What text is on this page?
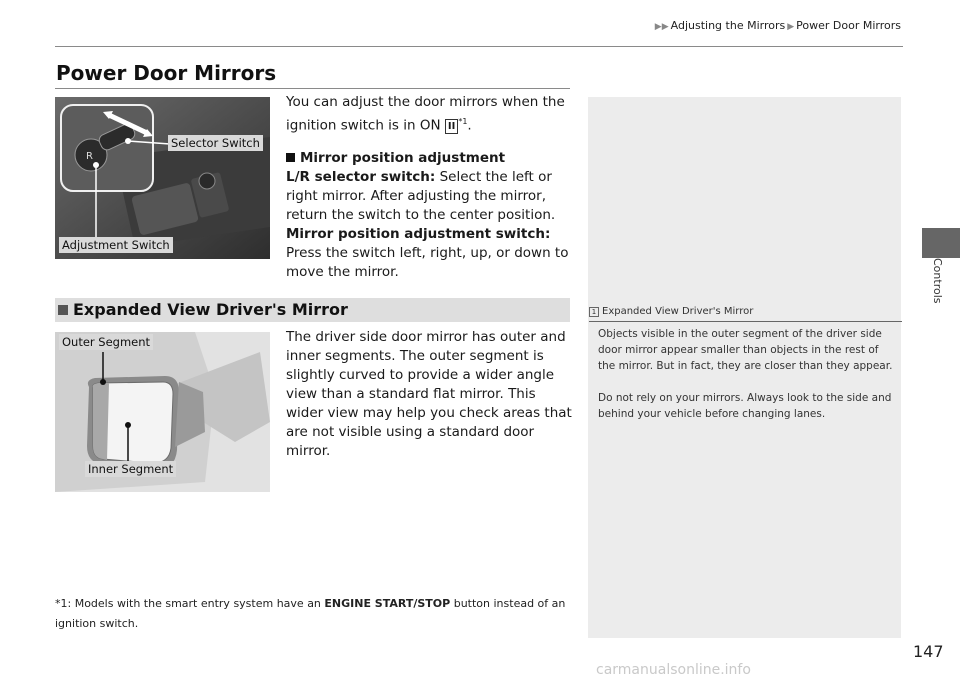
▶▶ Adjusting the Mirrors ▶ Power Door Mirrors
Controls
Power Door Mirrors
R
Selector Switch
Adjustment Switch
You can adjust the door mirrors when the ignition switch is in ON II $^{*1}$.
Mirror position adjustment
L/R selector switch: Select the left or right mirror. After adjusting the mirror, return the switch to the center position.
Mirror position adjustment switch: Press the switch left, right, up, or down to move the mirror.
Expanded View Driver's Mirror
Outer Segment
Inner Segment
The driver side door mirror has outer and inner segments. The outer segment is slightly curved to provide a wider angle view than a standard flat mirror. This wider view may help you check areas that are not visible using a standard door mirror.
*1: Models with the smart entry system have an ENGINE START/STOP button instead of an ignition switch.
1 Expanded View Driver's Mirror

Objects visible in the outer segment of the driver side door mirror appear smaller than objects in the rest of the mirror. But in fact, they are closer than they appear.

Do not rely on your mirrors. Always look to the side and behind your vehicle before changing lanes.

147
carmanualsonline.info
